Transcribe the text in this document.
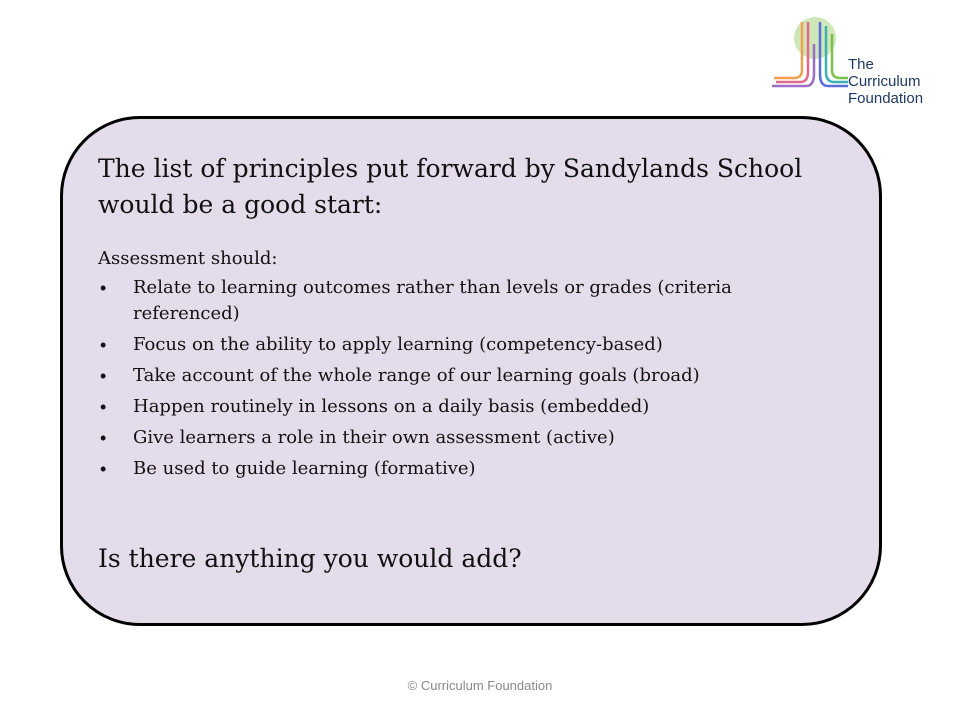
The Curriculum
Foundation
The list of principles put forward by Sandylands School would be a good start:

Assessment should:

• Relate to learning outcomes rather than levels or grades (criteria referenced)
• Focus on the ability to apply learning (competency-based)
• Take account of the whole range of our learning goals (broad)
• Happen routinely in lessons on a daily basis (embedded)
• Give learners a role in their own assessment (active)
• Be used to guide learning (formative)
Is there anything you would add?
© Curriculum Foundation
